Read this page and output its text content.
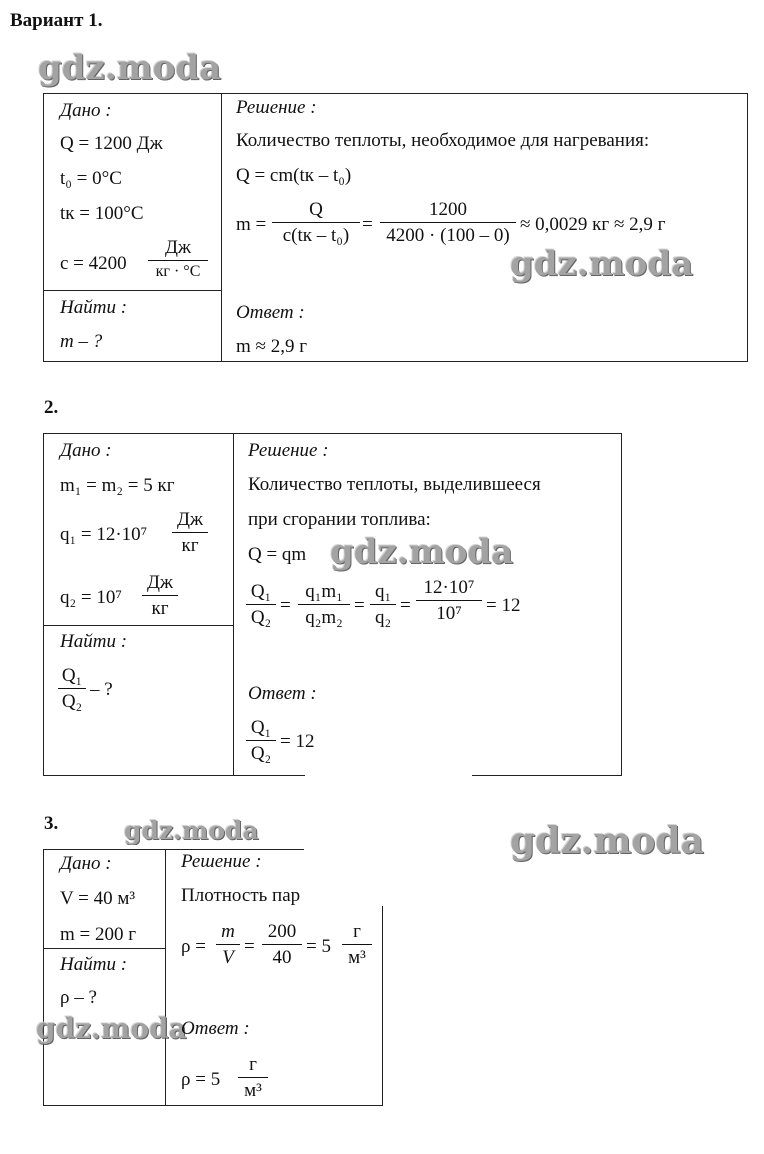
Вариант 1.
gdz.moda
Дано :
Q = 1200 Дж
t₀ = 0°C
tк = 100°C
c = 4200
Дж
кг · °C
Найти :
m – ?
Решение :
Количество теплоты, необходимое для нагревания:
Q = cm(tк – t₀)
m =
Q
c(tк – t₀)
=
1200
4200 · (100 – 0)
≈ 0,0029 кг ≈ 2,9 г
gdz.moda
Ответ :
m ≈ 2,9 г
2.
Дано :
m₁ = m₂ = 5 кг
q₁ = 12·10⁷
Дж
кг
q₂ = 10⁷
Дж
кг
Найти :
Q₁
Q₂
– ?
Решение :
Количество теплоты, выделившееся
при сгорании топлива:
Q = qm gdz.moda
Q₁
Q₂
=
q₁m₁
q₂m₂
=
q₁
q₂
=
12·10⁷
10⁷	= 12
Ответ :
Q₁
Q₂
= 12
3.	gdz.moda	gdz.moda
Дано :
V = 40 м³
m = 200 г
Найти :
ρ – ?
gdz.moda
Решение :
Плотность пар
ρ =
m
V
=
200
40
= 5
г
м³
Ответ :
ρ = 5
г
м³
